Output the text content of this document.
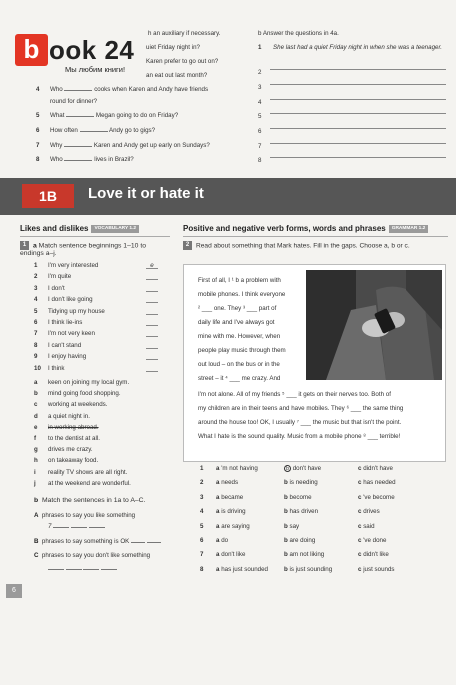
b ook 24
Мы любим книги!
h an auxiliary if necessary.
uiet Friday night in?
Karen prefer to go out on?
an eat out last month?
4 Who	cooks when Karen and Andy have friends
round for dinner?
5 What	Megan going to do on Friday?
6 How often	Andy go to gigs?
7 Why	Karen and Andy get up early on Sundays?
8 Who	lives in Brazil?
b Answer the questions in 4a.
1	She last had a quiet Friday night in when she was a teenager.
2
3
4
5
6
7
8
1B	Love it or hate it
Likes and dislikes VOCABULARY 1.2
1 a Match sentence beginnings 1–10 to endings a–j.
1 I'm very interested	e
2 I'm quite
3 I don't
4 I don't like going
5 Tidying up my house
6 I think lie-ins
7 I'm not very keen
8 I can't stand
9 I enjoy having
10 I think
a keen on joining my local gym.
b mind going food shopping.
c working at weekends.
d a quiet night in.
e in working abroad.
f to the dentist at all.
g drives me crazy.
h on takeaway food.
i reality TV shows are all right.
j at the weekend are wonderful.
b Match the sentences in 1a to A–C.
A phrases to say you like something
7
B phrases to say something is OK
C phrases to say you don't like something

6
Positive and negative verb forms, words and phrases GRAMMAR 1.2
2 Read about something that Mark hates. Fill in the gaps. Choose a, b or c.
First of all, I ¹ b a problem with
mobile phones. I think everyone
² ___ one. They ³ ___ part of
daily life and I've always got
mine with me. However, when
people play music through them
out loud – on the bus or in the
street – it ⁴ ___ me crazy. And
I'm not alone. All of my friends ⁵ ___ it gets on their nerves too. Both of
my children are in their teens and have mobiles. They ⁶ ___ the same thing
around the house too! OK, I usually ⁷ ___ the music but that isn't the point.
What I hate is the sound quality. Music from a mobile phone ⁸ ___ terrible!
1 a 'm not having	b don't have	c didn't have
2 a needs	b is needing	c has needed
3 a became	b become	c 've become
4 a is driving	b has driven	c drives
5 a are saying	b say	c said
6 a do	b are doing	c 've done
7 a don't like	b am not liking	c didn't like
8 a has just sounded	b is just sounding	c just sounds
